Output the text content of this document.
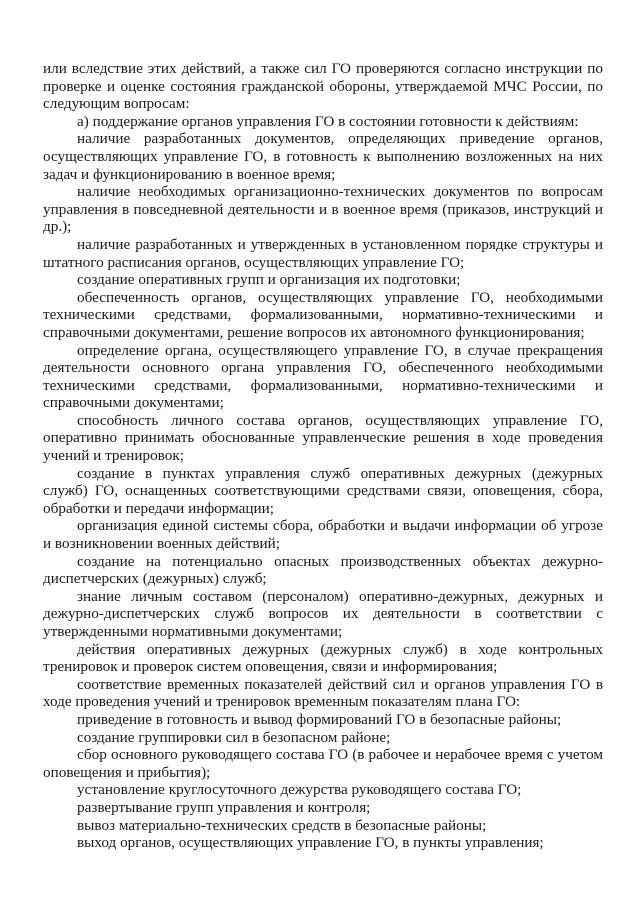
или вследствие этих действий, а также сил ГО проверяются согласно инструкции по проверке и оценке состояния гражданской обороны, утверждаемой МЧС России, по следующим вопросам:

а) поддержание органов управления ГО в состоянии готовности к действиям:

наличие разработанных документов, определяющих приведение органов, осуществляющих управление ГО, в готовность к выполнению возложенных на них задач и функционированию в военное время;

наличие необходимых организационно-технических документов по вопросам управления в повседневной деятельности и в военное время (приказов, инструкций и др.);

наличие разработанных и утвержденных в установленном порядке структуры и штатного расписания органов, осуществляющих управление ГО;

создание оперативных групп и организация их подготовки;

обеспеченность органов, осуществляющих управление ГО, необходимыми техническими средствами, формализованными, нормативно-техническими и справочными документами, решение вопросов их автономного функционирования;

определение органа, осуществляющего управление ГО, в случае прекращения деятельности основного органа управления ГО, обеспеченного необходимыми техническими средствами, формализованными, нормативно-техническими и справочными документами;

способность личного состава органов, осуществляющих управление ГО, оперативно принимать обоснованные управленческие решения в ходе проведения учений и тренировок;

создание в пунктах управления служб оперативных дежурных (дежурных служб) ГО, оснащенных соответствующими средствами связи, оповещения, сбора, обработки и передачи информации;

организация единой системы сбора, обработки и выдачи информации об угрозе и возникновении военных действий;

создание на потенциально опасных производственных объектах дежурно-диспетчерских (дежурных) служб;

знание личным составом (персоналом) оперативно-дежурных, дежурных и дежурно-диспетчерских служб вопросов их деятельности в соответствии с утвержденными нормативными документами;

действия оперативных дежурных (дежурных служб) в ходе контрольных тренировок и проверок систем оповещения, связи и информирования;

соответствие временных показателей действий сил и органов управления ГО в ходе проведения учений и тренировок временным показателям плана ГО:

приведение в готовность и вывод формирований ГО в безопасные районы;

создание группировки сил в безопасном районе;

сбор основного руководящего состава ГО (в рабочее и нерабочее время с учетом оповещения и прибытия);

установление круглосуточного дежурства руководящего состава ГО;

развертывание групп управления и контроля;

вывоз материально-технических средств в безопасные районы;

выход органов, осуществляющих управление ГО, в пункты управления;
